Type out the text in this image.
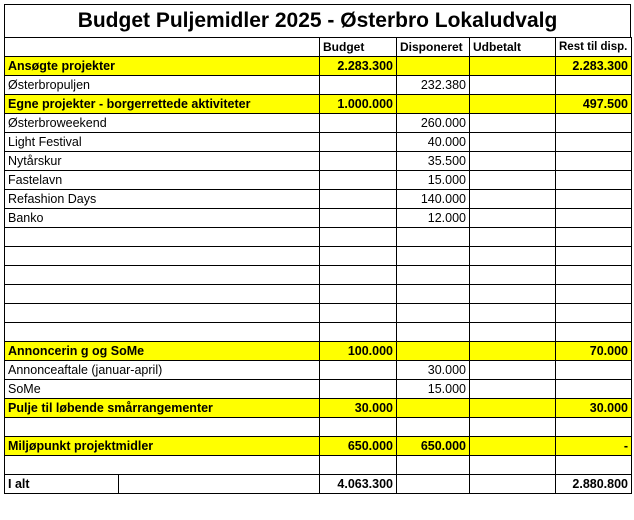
Budget Puljemidler 2025 - Østerbro Lokaludvalg
		Budget	Disponeret	Udbetalt	Rest til disp.
Ansøgte projekter		2.283.300			2.283.300
Østerbropuljen			232.380		
Egne projekter - borgerrettede aktiviteter		1.000.000			497.500
Østerbroweekend			260.000		
Light Festival			40.000		
Nytårskur			35.500		
Fastelavn			15.000		
Refashion Days			140.000		
Banko			12.000		

Annoncerin g og SoMe		100.000			70.000
Annonceaftale (januar-april)			30.000		
SoMe			15.000		
Pulje til løbende smårrangementer		30.000			30.000

Miljøpunkt projektmidler		650.000	650.000		-

I alt		4.063.300			2.880.800
